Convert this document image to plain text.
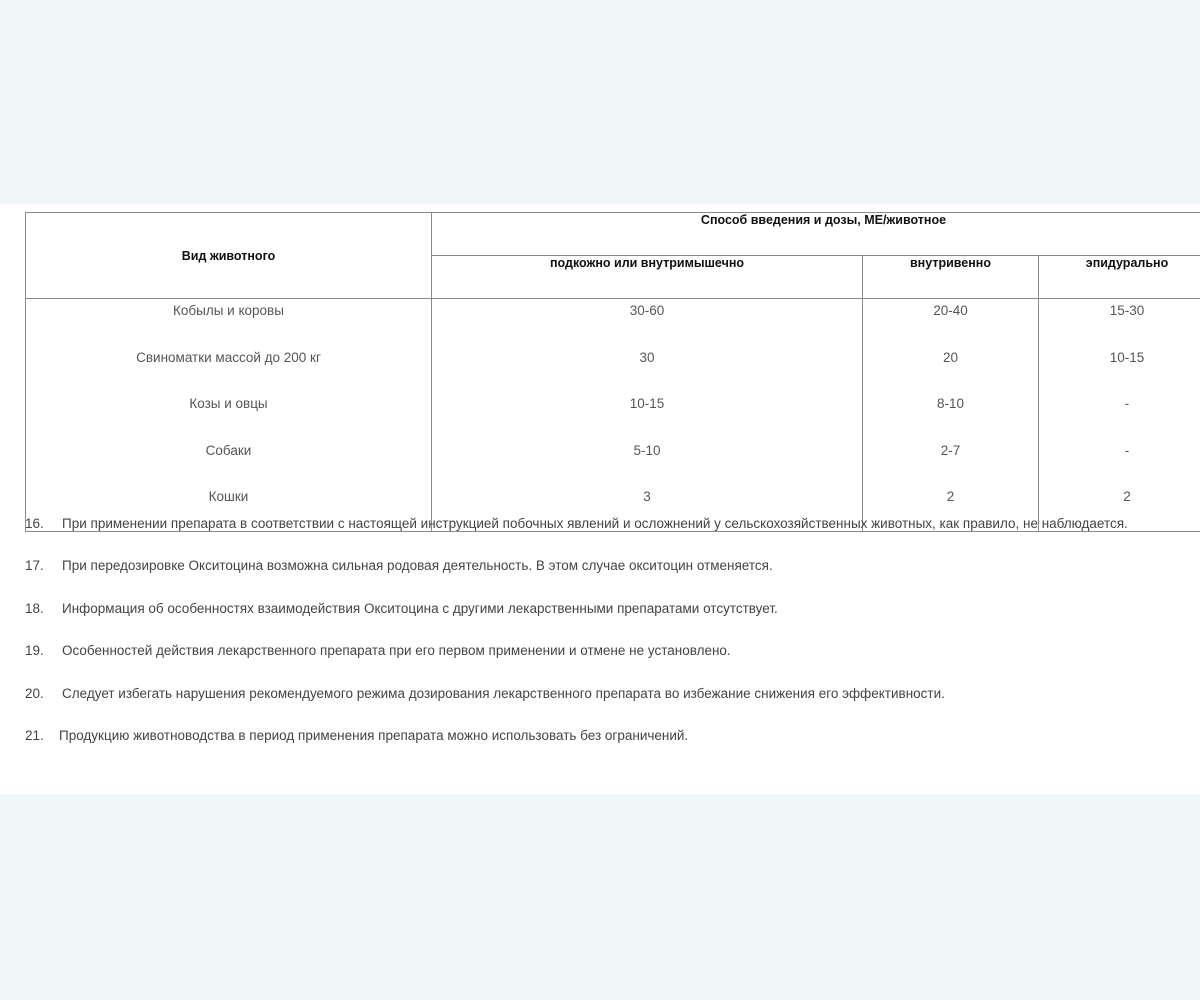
Вид животного	Способ введения и дозы, МЕ/животное		
	подкожно или внутримышечно	внутривенно	эпидурально
Кобылы и коровы	30-60	20-40	15-30
Свиноматки массой до 200 кг	30	20	10-15
Козы и овцы	10-15	8-10	-
Собаки	5-10	2-7	-
Кошки	3	2	2
16. При применении препарата в соответствии с настоящей инструкцией побочных явлений и осложнений у сельскохозяйственных животных, как правило, не наблюдается.
17. При передозировке Окситоцина возможна сильная родовая деятельность. В этом случае окситоцин отменяется.
18. Информация об особенностях взаимодействия Окситоцина с другими лекарственными препаратами отсутствует.
19. Особенностей действия лекарственного препарата при его первом применении и отмене не установлено.
20. Следует избегать нарушения рекомендуемого режима дозирования лекарственного препарата во избежание снижения его эффективности.
21. Продукцию животноводства в период применения препарата можно использовать без ограничений.
